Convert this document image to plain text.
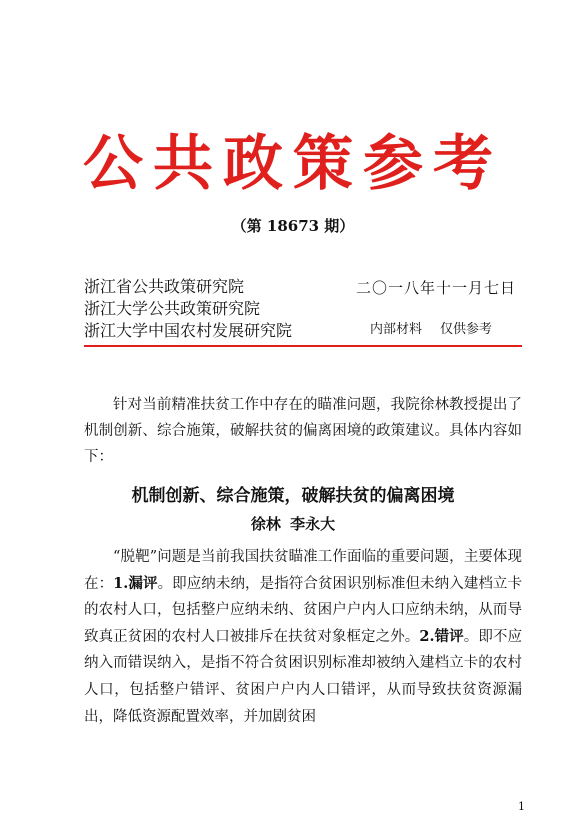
公共政策参考
（第 18673 期）
浙江省公共政策研究院
浙江大学公共政策研究院
浙江大学中国农村发展研究院
二〇一八年十一月七日
内部材料 仅供参考

针对当前精准扶贫工作中存在的瞄准问题，我院徐林教授提出了机制创新、综合施策，破解扶贫的偏离困境的政策建议。具体内容如下：

机制创新、综合施策，破解扶贫的偏离困境
徐林 李永大

“脱靶”问题是当前我国扶贫瞄准工作面临的重要问题，主要体现在：1.漏评。即应纳未纳，是指符合贫困识别标准但未纳入建档立卡的农村人口，包括整户应纳未纳、贫困户户内人口应纳未纳，从而导致真正贫困的农村人口被排斥在扶贫对象框定之外。2.错评。即不应纳入而错误纳入，是指不符合贫困识别标准却被纳入建档立卡的农村人口，包括整户错评、贫困户户内人口错评，从而导致扶贫资源漏出，降低资源配置效率，并加剧贫困

1
